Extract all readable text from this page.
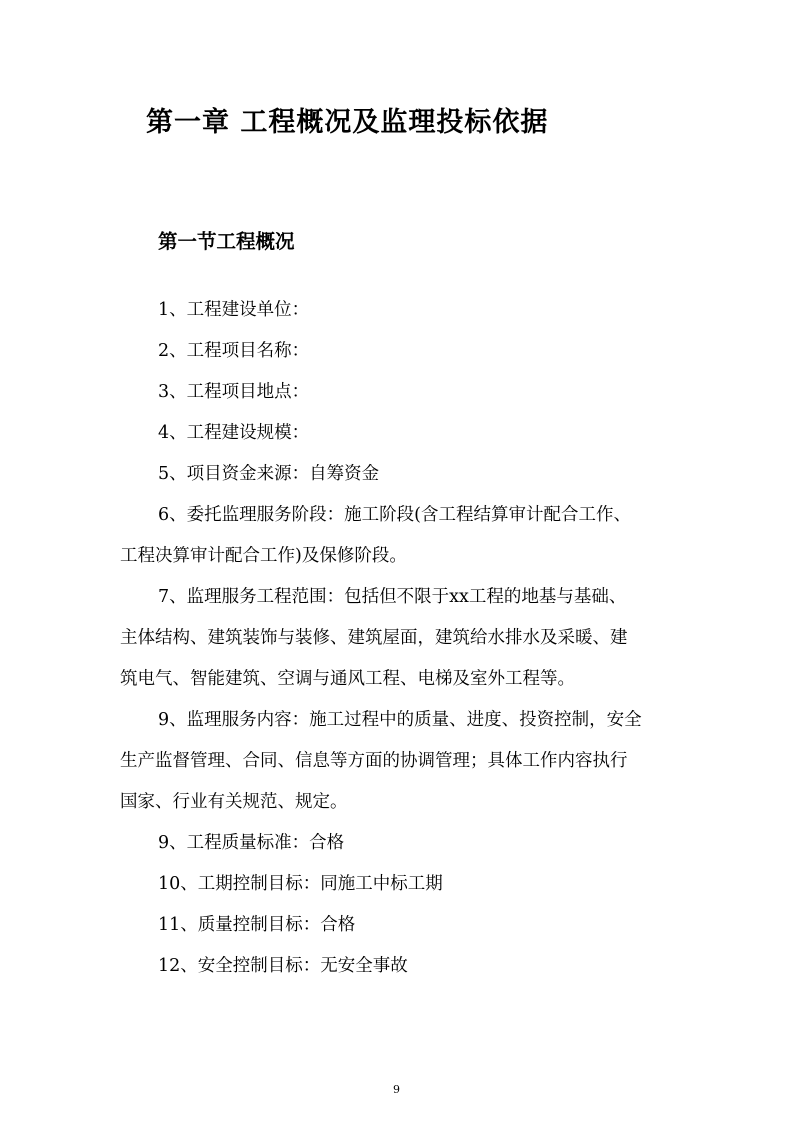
第一章 工程概况及监理投标依据
第一节工程概况

1、工程建设单位：

2、工程项目名称：

3、工程项目地点：

4、工程建设规模：

5、项目资金来源：自筹资金

6、委托监理服务阶段：施工阶段(含工程结算审计配合工作、
工程决算审计配合工作)及保修阶段。

7、监理服务工程范围：包括但不限于xx工程的地基与基础、
主体结构、建筑装饰与装修、建筑屋面，建筑给水排水及采暖、建
筑电气、智能建筑、空调与通风工程、电梯及室外工程等。

9、监理服务内容：施工过程中的质量、进度、投资控制，安全
生产监督管理、合同、信息等方面的协调管理；具体工作内容执行
国家、行业有关规范、规定。

9、工程质量标准：合格

10、工期控制目标：同施工中标工期

11、质量控制目标：合格

12、安全控制目标：无安全事故

9
